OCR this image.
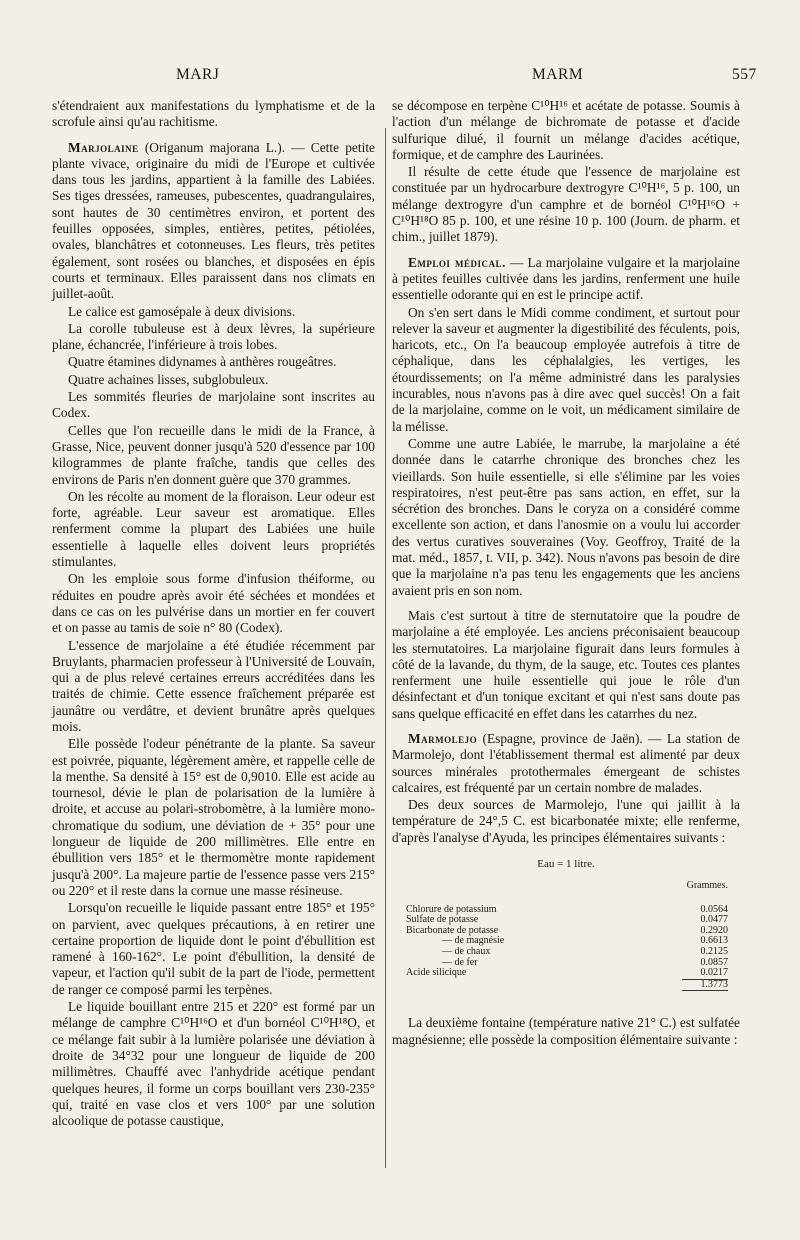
MARJ	MARM	557

s'étendraient aux manifestations du lymphatisme et de la scrofule ainsi qu'au rachitisme.

Marjolaine (Origanum majorana L.). — Cette petite plante vivace, originaire du midi de l'Europe et cultivée dans tous les jardins, appartient à la famille des Labiées. Ses tiges dressées, rameuses, pubescentes, quadrangulaires, sont hautes de 30 centimètres environ, et portent des feuilles opposées, simples, entières, petites, pétiolées, ovales, blanchâtres et cotonneuses. Les fleurs, très petites également, sont rosées ou blanches, et disposées en épis courts et terminaux. Elles paraissent dans nos climats en juillet-août.

Le calice est gamosépale à deux divisions.

La corolle tubuleuse est à deux lèvres, la supérieure plane, échancrée, l'inférieure à trois lobes.

Quatre étamines didynames à anthères rougeâtres.

Quatre achaines lisses, subglobuleux.

Les sommités fleuries de marjolaine sont inscrites au Codex.

Celles que l'on recueille dans le midi de la France, à Grasse, Nice, peuvent donner jusqu'à 520 d'essence par 100 kilogrammes de plante fraîche, tandis que celles des environs de Paris n'en donnent guère que 370 grammes.

On les récolte au moment de la floraison. Leur odeur est forte, agréable. Leur saveur est aromatique. Elles renferment comme la plupart des Labiées une huile essentielle à laquelle elles doivent leurs propriétés stimulantes.

On les emploie sous forme d'infusion théiforme, ou réduites en poudre après avoir été séchées et mondées et dans ce cas on les pulvérise dans un mortier en fer couvert et on passe au tamis de soie n° 80 (Codex).

L'essence de marjolaine a été étudiée récemment par Bruylants, pharmacien professeur à l'Université de Louvain, qui a de plus relevé certaines erreurs accréditées dans les traités de chimie. Cette essence fraîchement préparée est jaunâtre ou verdâtre, et devient brunâtre après quelques mois.

Elle possède l'odeur pénétrante de la plante. Sa saveur est poivrée, piquante, légèrement amère, et rappelle celle de la menthe. Sa densité à 15° est de 0,9010. Elle est acide au tournesol, dévie le plan de polarisation de la lumière à droite, et accuse au polari-strobomètre, à la lumière mono-chromatique du sodium, une déviation de + 35° pour une longueur de liquide de 200 millimètres. Elle entre en ébullition vers 185° et le thermomètre monte rapidement jusqu'à 200°. La majeure partie de l'essence passe vers 215° ou 220° et il reste dans la cornue une masse résineuse.

Lorsqu'on recueille le liquide passant entre 185° et 195° on parvient, avec quelques précautions, à en retirer une certaine proportion de liquide dont le point d'ébullition est ramené à 160-162°. Le point d'ébullition, la densité de vapeur, et l'action qu'il subit de la part de l'iode, permettent de ranger ce composé parmi les terpènes.

Le liquide bouillant entre 215 et 220° est formé par un mélange de camphre C¹⁰H¹⁶O et d'un bornéol C¹⁰H¹⁸O, et ce mélange fait subir à la lumière polarisée une déviation à droite de 34°32 pour une longueur de liquide de 200 millimètres. Chauffé avec l'anhydride acétique pendant quelques heures, il forme un corps bouillant vers 230-235° qui, traité en vase clos et vers 100° par une solution alcoolique de potasse caustique,

se décompose en terpène C¹⁰H¹⁶ et acétate de potasse. Soumis à l'action d'un mélange de bichromate de potasse et d'acide sulfurique dilué, il fournit un mélange d'acides acétique, formique, et de camphre des Laurinées.

Il résulte de cette étude que l'essence de marjolaine est constituée par un hydrocarbure dextrogyre C¹⁰H¹⁶, 5 p. 100, un mélange dextrogyre d'un camphre et de bornéol C¹⁰H¹⁶O + C¹⁰H¹⁸O 85 p. 100, et une résine 10 p. 100 (Journ. de pharm. et chim., juillet 1879).

Emploi médical. — La marjolaine vulgaire et la marjolaine à petites feuilles cultivée dans les jardins, renferment une huile essentielle odorante qui en est le principe actif.

On s'en sert dans le Midi comme condiment, et surtout pour relever la saveur et augmenter la digestibilité des féculents, pois, haricots, etc., On l'a beaucoup employée autrefois à titre de céphalique, dans les céphalalgies, les vertiges, les étourdissements; on l'a même administré dans les paralysies incurables, nous n'avons pas à dire avec quel succès! On a fait de la marjolaine, comme on le voit, un médicament similaire de la mélisse.

Comme une autre Labiée, le marrube, la marjolaine a été donnée dans le catarrhe chronique des bronches chez les vieillards. Son huile essentielle, si elle s'élimine par les voies respiratoires, n'est peut-être pas sans action, en effet, sur la sécrétion des bronches. Dans le coryza on a considéré comme excellente son action, et dans l'anosmie on a voulu lui accorder des vertus curatives souveraines (Voy. Geoffroy, Traité de la mat. méd., 1857, t. VII, p. 342). Nous n'avons pas besoin de dire que la marjolaine n'a pas tenu les engagements que les anciens avaient pris en son nom.

Mais c'est surtout à titre de sternutatoire que la poudre de marjolaine a été employée. Les anciens préconisaient beaucoup les sternutatoires. La marjolaine figurait dans leurs formules à côté de la lavande, du thym, de la sauge, etc. Toutes ces plantes renferment une huile essentielle qui joue le rôle d'un désinfectant et d'un tonique excitant et qui n'est sans doute pas sans quelque efficacité en effet dans les catarrhes du nez.

Marmolejo (Espagne, province de Jaën). — La station de Marmolejo, dont l'établissement thermal est alimenté par deux sources minérales protothermales émergeant de schistes calcaires, est fréquenté par un certain nombre de malades.

Des deux sources de Marmolejo, l'une qui jaillit à la température de 24°,5 C. est bicarbonatée mixte; elle renferme, d'après l'analyse d'Ayuda, les principes élémentaires suivants :

Eau = 1 litre.
Grammes.
Chlorure de potassium	0.0564
Sulfate de potasse	0.0477
Bicarbonate de potasse	0.2920
— de magnésie	0.6613
— de chaux	0.2125
— de fer	0.0857
Acide silicique	0.0217
	1.3773

La deuxième fontaine (température native 21° C.) est sulfatée magnésienne; elle possède la composition élémentaire suivante :
